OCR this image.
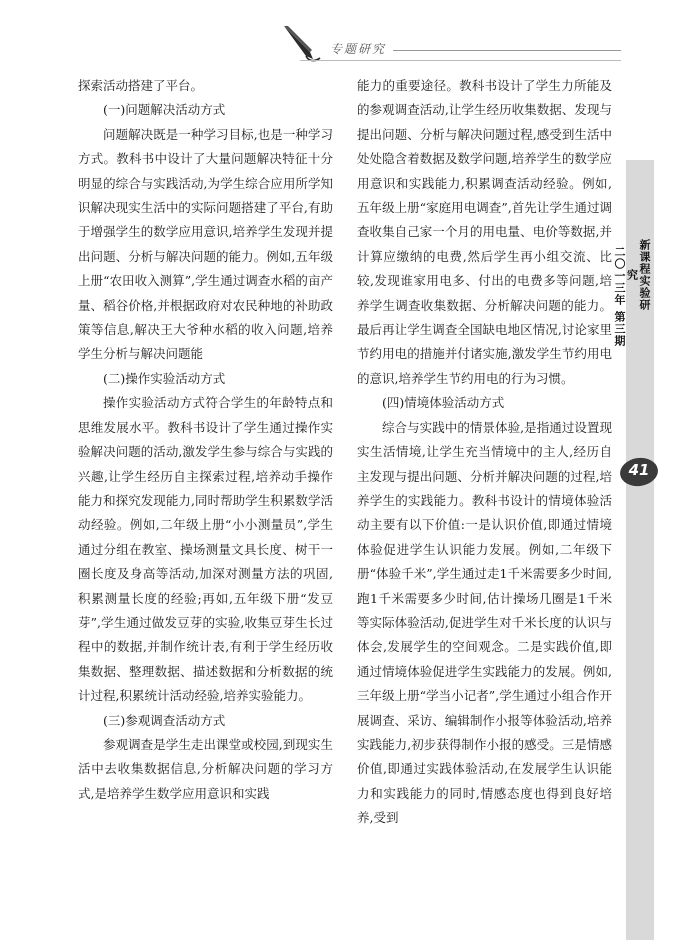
专题研究

探索活动搭建了平台。

(一)问题解决活动方式

问题解决既是一种学习目标,也是一种学习方式。教科书中设计了大量问题解决特征十分明显的综合与实践活动,为学生综合应用所学知识解决现实生活中的实际问题搭建了平台,有助于增强学生的数学应用意识,培养学生发现并提出问题、分析与解决问题的能力。例如,五年级上册“农田收入测算”,学生通过调查水稻的亩产量、稻谷价格,并根据政府对农民种地的补助政策等信息,解决王大爷种水稻的收入问题,培养学生分析与解决问题能

(二)操作实验活动方式

操作实验活动方式符合学生的年龄特点和思维发展水平。教科书设计了学生通过操作实验解决问题的活动,激发学生参与综合与实践的兴趣,让学生经历自主探索过程,培养动手操作能力和探究发现能力,同时帮助学生积累数学活动经验。例如,二年级上册“小小测量员”,学生通过分组在教室、操场测量文具长度、树干一圈长度及身高等活动,加深对测量方法的巩固,积累测量长度的经验;再如,五年级下册“发豆芽”,学生通过做发豆芽的实验,收集豆芽生长过程中的数据,并制作统计表,有利于学生经历收集数据、整理数据、描述数据和分析数据的统计过程,积累统计活动经验,培养实验能力。

(三)参观调查活动方式

参观调查是学生走出课堂或校园,到现实生活中去收集数据信息,分析解决问题的学习方式,是培养学生数学应用意识和实践

能力的重要途径。教科书设计了学生力所能及的参观调查活动,让学生经历收集数据、发现与提出问题、分析与解决问题过程,感受到生活中处处隐含着数据及数学问题,培养学生的数学应用意识和实践能力,积累调查活动经验。例如,五年级上册“家庭用电调查”,首先让学生通过调查收集自己家一个月的用电量、电价等数据,并计算应缴纳的电费,然后学生再小组交流、比较,发现谁家用电多、付出的电费多等问题,培养学生调查收集数据、分析解决问题的能力。最后再让学生调查全国缺电地区情况,讨论家里节约用电的措施并付诸实施,激发学生节约用电的意识,培养学生节约用电的行为习惯。

(四)情境体验活动方式

综合与实践中的情景体验,是指通过设置现实生活情境,让学生充当情境中的主人,经历自主发现与提出问题、分析并解决问题的过程,培养学生的实践能力。教科书设计的情境体验活动主要有以下价值:一是认识价值,即通过情境体验促进学生认识能力发展。例如,二年级下册“体验千米”,学生通过走1千米需要多少时间,跑1千米需要多少时间,估计操场几圈是1千米等实际体验活动,促进学生对千米长度的认识与体会,发展学生的空间观念。二是实践价值,即通过情境体验促进学生实践能力的发展。例如,三年级上册“学当小记者”,学生通过小组合作开展调查、采访、编辑制作小报等体验活动,培养实践能力,初步获得制作小报的感受。三是情感价值,即通过实践体验活动,在发展学生认识能力和实践能力的同时,情感态度也得到良好培养,受到

新课程实验研究
二〇一三年 第三期
41
